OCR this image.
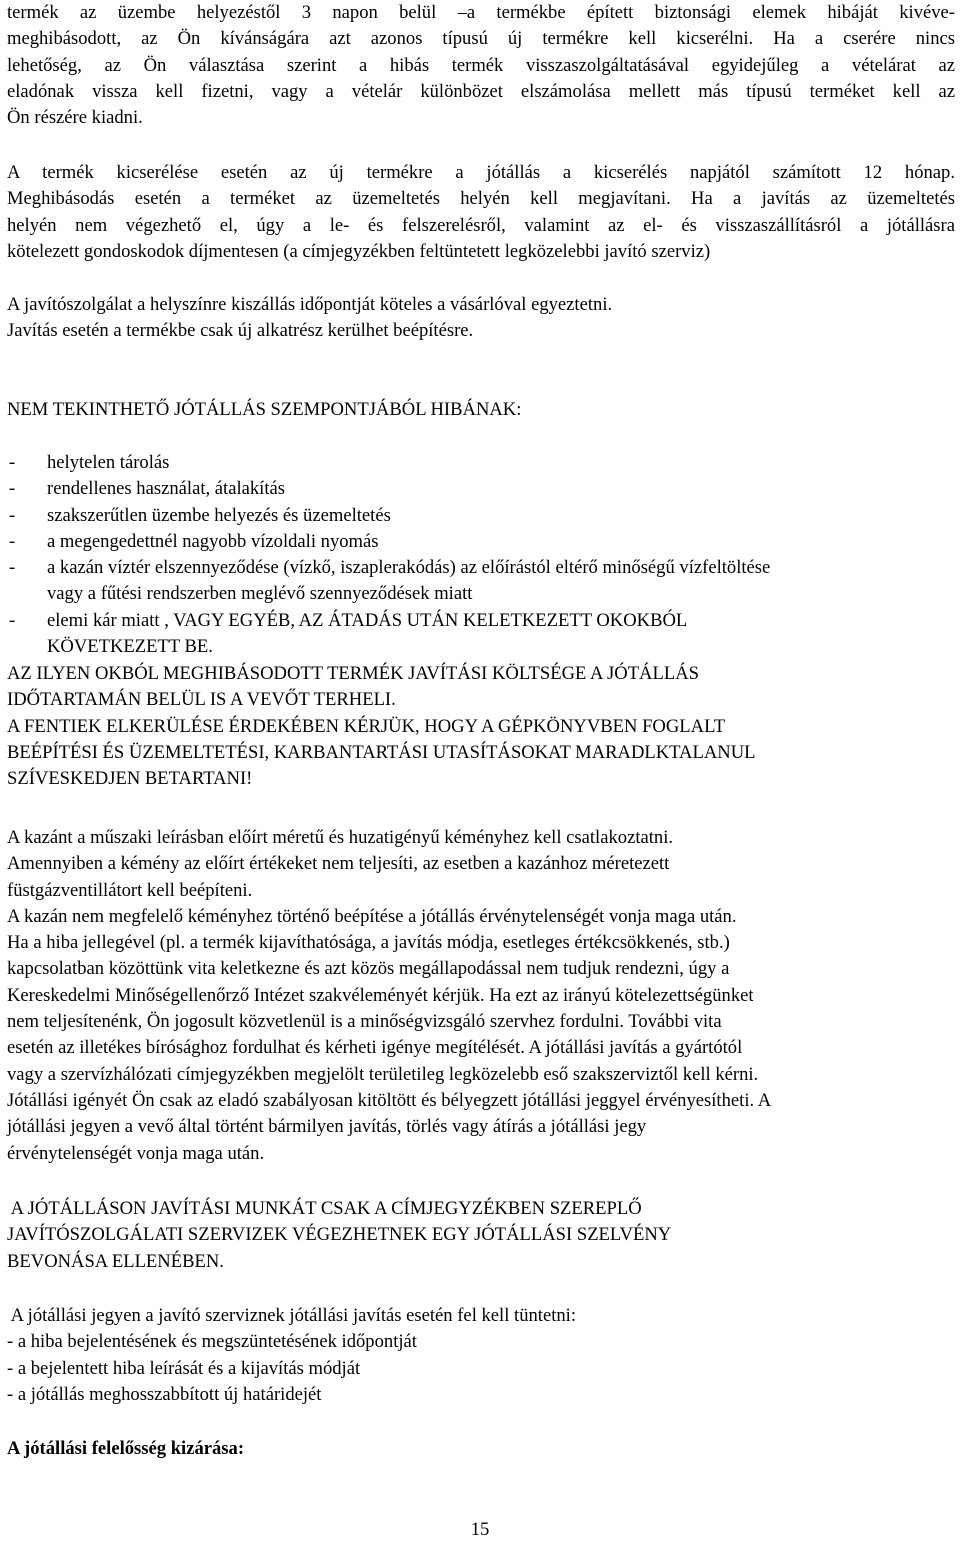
termék az üzembe helyezéstől 3 napon belül –a termékbe épített biztonsági elemek hibáját kivéve-
meghibásodott, az Ön kívánságára azt azonos típusú új termékre kell kicserélni. Ha a cserére nincs
lehetőség, az Ön választása szerint a hibás termék visszaszolgáltatásával egyidejűleg a vételárat az
eladónak vissza kell fizetni, vagy a vételár különbözet elszámolása mellett más típusú terméket kell az
Ön részére kiadni.
A termék kicserélése esetén az új termékre a jótállás a kicserélés napjától számított 12 hónap.
Meghibásodás esetén a terméket az üzemeltetés helyén kell megjavítani. Ha a javítás az üzemeltetés
helyén nem végezhető el, úgy a le- és felszerelésről, valamint az el- és visszaszállításról a jótállásra
kötelezett gondoskodok díjmentesen (a címjegyzékben feltüntetett legközelebbi javító szerviz)
A javítószolgálat a helyszínre kiszállás időpontját köteles a vásárlóval egyeztetni.
Javítás esetén a termékbe csak új alkatrész kerülhet beépítésre.
NEM TEKINTHETŐ JÓTÁLLÁS SZEMPONTJÁBÓL HIBÁNAK:
- helytelen tárolás
- rendellenes használat, átalakítás
- szakszerűtlen üzembe helyezés és üzemeltetés
- a megengedettnél nagyobb vízoldali nyomás
- a kazán víztér elszennyeződése (vízkő, iszaplerakódás) az előírástól eltérő minőségű vízfeltöltése
vagy a fűtési rendszerben meglévő szennyeződések miatt
- elemi kár miatt , VAGY EGYÉB, AZ ÁTADÁS UTÁN KELETKEZETT OKOKBÓL
KÖVETKEZETT BE.
AZ ILYEN OKBÓL MEGHIBÁSODOTT TERMÉK JAVÍTÁSI KÖLTSÉGE A JÓTÁLLÁS
IDŐTARTAMÁN BELÜL IS A VEVŐT TERHELI.
A FENTIEK ELKERÜLÉSE ÉRDEKÉBEN KÉRJÜK, HOGY A GÉPKÖNYVBEN FOGLALT
BEÉPÍTÉSI ÉS ÜZEMELTETÉSI, KARBANTARTÁSI UTASÍTÁSOKAT MARADLKTALANUL
SZÍVESKEDJEN BETARTANI!
A kazánt a műszaki leírásban előírt méretű és huzatigényű kéményhez kell csatlakoztatni.
Amennyiben a kémény az előírt értékeket nem teljesíti, az esetben a kazánhoz méretezett
füstgázventillátort kell beépíteni.
A kazán nem megfelelő kéményhez történő beépítése a jótállás érvénytelenségét vonja maga után.
Ha a hiba jellegével (pl. a termék kijavíthatósága, a javítás módja, esetleges értékcsökkenés, stb.)
kapcsolatban közöttünk vita keletkezne és azt közös megállapodással nem tudjuk rendezni, úgy a
Kereskedelmi Minőségellenőrző Intézet szakvéleményét kérjük. Ha ezt az irányú kötelezettségünket
nem teljesítenénk, Ön jogosult közvetlenül is a minőségvizsgáló szervhez fordulni. További vita
esetén az illetékes bírósághoz fordulhat és kérheti igénye megítélését. A jótállási javítás a gyártótól
vagy a szervízhálózati címjegyzékben megjelölt területileg legközelebb eső szakszerviztől kell kérni.
Jótállási igényét Ön csak az eladó szabályosan kitöltött és bélyegzett jótállási jeggyel érvényesítheti. A
jótállási jegyen a vevő által történt bármilyen javítás, törlés vagy átírás a jótállási jegy
érvénytelenségét vonja maga után.
A JÓTÁLLÁSON JAVÍTÁSI MUNKÁT CSAK A CÍMJEGYZÉKBEN SZEREPLŐ
JAVÍTÓSZOLGÁLATI SZERVIZEK VÉGEZHETNEK EGY JÓTÁLLÁSI SZELVÉNY
BEVONÁSA ELLENÉBEN.
A jótállási jegyen a javító szerviznek jótállási javítás esetén fel kell tüntetni:
- a hiba bejelentésének és megszüntetésének időpontját
- a bejelentett hiba leírását és a kijavítás módját
- a jótállás meghosszabbított új határidejét
A jótállási felelősség kizárása:
15
